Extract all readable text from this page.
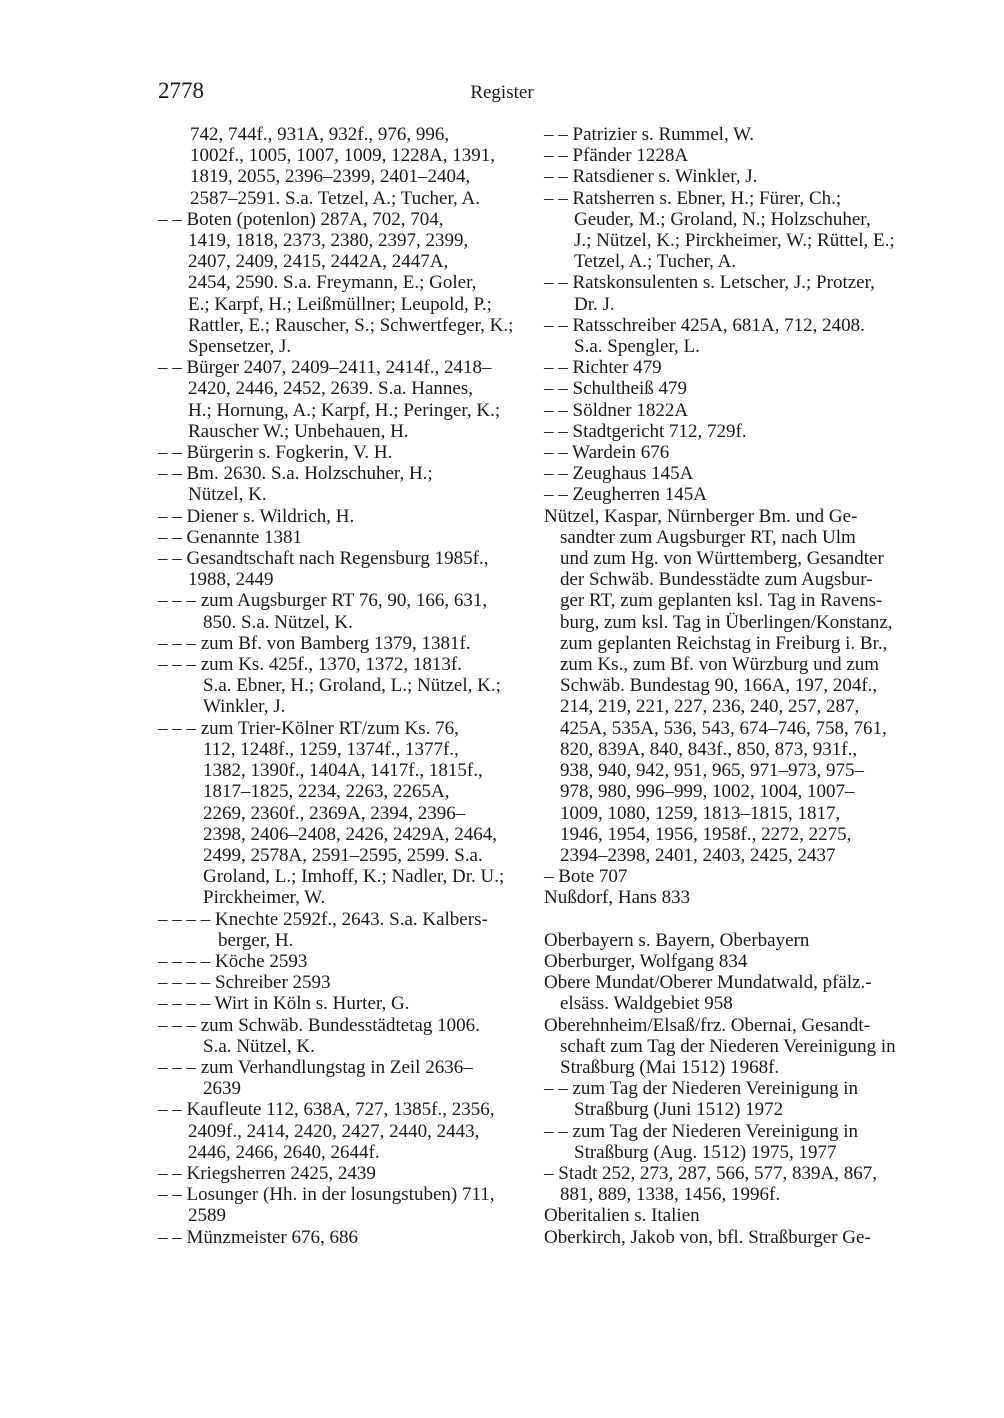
2778	Register
742, 744f., 931A, 932f., 976, 996,
1002f., 1005, 1007, 1009, 1228A, 1391,
1819, 2055, 2396–2399, 2401–2404,
2587–2591. S.a. Tetzel, A.; Tucher, A.
– – Boten (potenlon) 287A, 702, 704,
1419, 1818, 2373, 2380, 2397, 2399,
2407, 2409, 2415, 2442A, 2447A,
2454, 2590. S.a. Freymann, E.; Goler,
E.; Karpf, H.; Leißmüllner; Leupold, P.;
Rattler, E.; Rauscher, S.; Schwertfeger, K.;
Spensetzer, J.
– – Bürger 2407, 2409–2411, 2414f., 2418–
2420, 2446, 2452, 2639. S.a. Hannes,
H.; Hornung, A.; Karpf, H.; Peringer, K.;
Rauscher W.; Unbehauen, H.
– – Bürgerin s. Fogkerin, V. H.
– – Bm. 2630. S.a. Holzschuher, H.;
Nützel, K.
– – Diener s. Wildrich, H.
– – Genannte 1381
– – Gesandtschaft nach Regensburg 1985f.,
1988, 2449
– – – zum Augsburger RT 76, 90, 166, 631,
850. S.a. Nützel, K.
– – – zum Bf. von Bamberg 1379, 1381f.
– – – zum Ks. 425f., 1370, 1372, 1813f.
S.a. Ebner, H.; Groland, L.; Nützel, K.;
Winkler, J.
– – – zum Trier-Kölner RT/zum Ks. 76,
112, 1248f., 1259, 1374f., 1377f.,
1382, 1390f., 1404A, 1417f., 1815f.,
1817–1825, 2234, 2263, 2265A,
2269, 2360f., 2369A, 2394, 2396–
2398, 2406–2408, 2426, 2429A, 2464,
2499, 2578A, 2591–2595, 2599. S.a.
Groland, L.; Imhoff, K.; Nadler, Dr. U.;
Pirckheimer, W.
– – – – Knechte 2592f., 2643. S.a. Kalbers-
berger, H.
– – – – Köche 2593
– – – – Schreiber 2593
– – – – Wirt in Köln s. Hurter, G.
– – – zum Schwäb. Bundesstädtetag 1006.
S.a. Nützel, K.
– – – zum Verhandlungstag in Zeil 2636–
2639
– – Kaufleute 112, 638A, 727, 1385f., 2356,
2409f., 2414, 2420, 2427, 2440, 2443,
2446, 2466, 2640, 2644f.
– – Kriegsherren 2425, 2439
– – Losunger (Hh. in der losungstuben) 711,
2589
– – Münzmeister 676, 686
– – Patrizier s. Rummel, W.
– – Pfänder 1228A
– – Ratsdiener s. Winkler, J.
– – Ratsherren s. Ebner, H.; Fürer, Ch.;
Geuder, M.; Groland, N.; Holzschuher,
J.; Nützel, K.; Pirckheimer, W.; Rüttel, E.;
Tetzel, A.; Tucher, A.
– – Ratskonsulenten s. Letscher, J.; Protzer,
Dr. J.
– – Ratsschreiber 425A, 681A, 712, 2408.
S.a. Spengler, L.
– – Richter 479
– – Schultheiß 479
– – Söldner 1822A
– – Stadtgericht 712, 729f.
– – Wardein 676
– – Zeughaus 145A
– – Zeugherren 145A
Nützel, Kaspar, Nürnberger Bm. und Ge-
sandter zum Augsburger RT, nach Ulm
und zum Hg. von Württemberg, Gesandter
der Schwäb. Bundesstädte zum Augsbur-
ger RT, zum geplanten ksl. Tag in Ravens-
burg, zum ksl. Tag in Überlingen/Konstanz,
zum geplanten Reichstag in Freiburg i. Br.,
zum Ks., zum Bf. von Würzburg und zum
Schwäb. Bundestag 90, 166A, 197, 204f.,
214, 219, 221, 227, 236, 240, 257, 287,
425A, 535A, 536, 543, 674–746, 758, 761,
820, 839A, 840, 843f., 850, 873, 931f.,
938, 940, 942, 951, 965, 971–973, 975–
978, 980, 996–999, 1002, 1004, 1007–
1009, 1080, 1259, 1813–1815, 1817,
1946, 1954, 1956, 1958f., 2272, 2275,
2394–2398, 2401, 2403, 2425, 2437
– Bote 707
Nußdorf, Hans 833
Oberbayern s. Bayern, Oberbayern
Oberburger, Wolfgang 834
Obere Mundat/Oberer Mundatwald, pfälz.-
elsäss. Waldgebiet 958
Oberehnheim/Elsaß/frz. Obernai, Gesandt-
schaft zum Tag der Niederen Vereinigung in
Straßburg (Mai 1512) 1968f.
– – zum Tag der Niederen Vereinigung in
Straßburg (Juni 1512) 1972
– – zum Tag der Niederen Vereinigung in
Straßburg (Aug. 1512) 1975, 1977
– Stadt 252, 273, 287, 566, 577, 839A, 867,
881, 889, 1338, 1456, 1996f.
Oberitalien s. Italien
Oberkirch, Jakob von, bfl. Straßburger Ge-
